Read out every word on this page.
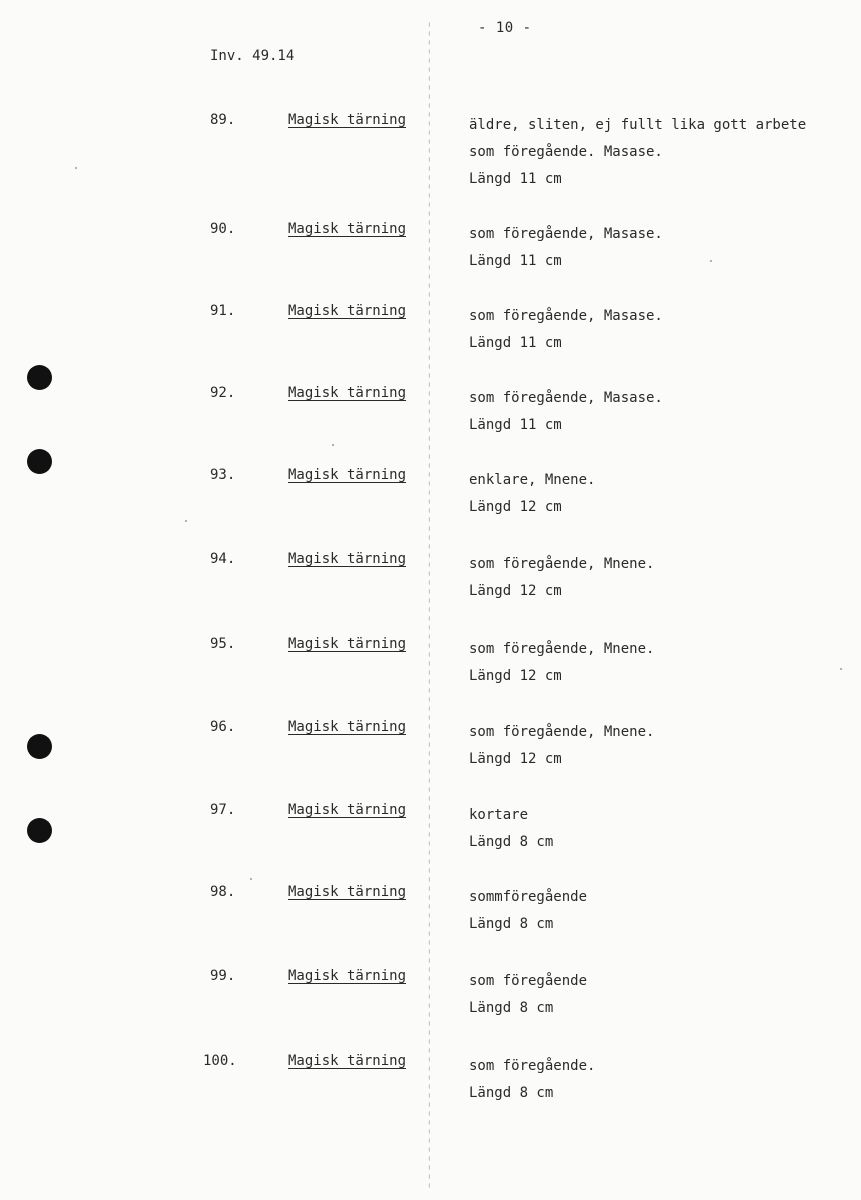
- 10 -
Inv. 49.14
89.	Magisk tärning	äldre, sliten, ej fullt lika gott arbete
som föregående. Masase.
Längd 11 cm
90.	Magisk tärning	som föregående, Masase.
Längd 11 cm
91.	Magisk tärning	som föregående, Masase.
Längd 11 cm
92.	Magisk tärning	som föregående, Masase.
Längd 11 cm
93.	Magisk tärning	enklare, Mnene.
Längd 12 cm
94.	Magisk tärning	som föregående, Mnene.
Längd 12 cm
95.	Magisk tärning	som föregående, Mnene.
Längd 12 cm
96.	Magisk tärning	som föregående, Mnene.
Längd 12 cm
97.	Magisk tärning	kortare
Längd 8 cm
98.	Magisk tärning	sommföregående
Längd 8 cm
99.	Magisk tärning	som föregående
Längd 8 cm
100.	Magisk tärning	som föregående.
Längd 8 cm
